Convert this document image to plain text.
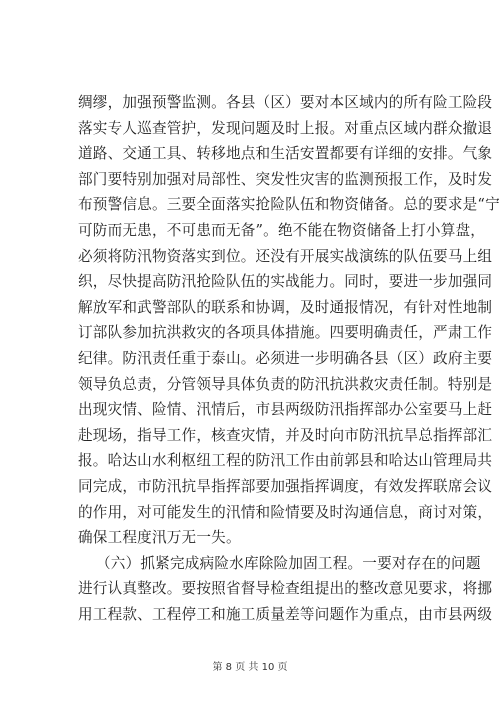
绸缪，加强预警监测。各县（区）要对本区域内的所有险工险段
落实专人巡查管护，发现问题及时上报。对重点区域内群众撤退
道路、交通工具、转移地点和生活安置都要有详细的安排。气象
部门要特别加强对局部性、突发性灾害的监测预报工作，及时发
布预警信息。三要全面落实抢险队伍和物资储备。总的要求是“宁
可防而无患，不可患而无备”。绝不能在物资储备上打小算盘，
必须将防汛物资落实到位。还没有开展实战演练的队伍要马上组
织，尽快提高防汛抢险队伍的实战能力。同时，要进一步加强同
解放军和武警部队的联系和协调，及时通报情况，有针对性地制
订部队参加抗洪救灾的各项具体措施。四要明确责任，严肃工作
纪律。防汛责任重于泰山。必须进一步明确各县（区）政府主要
领导负总责，分管领导具体负责的防汛抗洪救灾责任制。特别是
出现灾情、险情、汛情后，市县两级防汛指挥部办公室要马上赶
赴现场，指导工作，核查灾情，并及时向市防汛抗旱总指挥部汇
报。哈达山水利枢纽工程的防汛工作由前郭县和哈达山管理局共
同完成，市防汛抗旱指挥部要加强指挥调度，有效发挥联席会议
的作用，对可能发生的汛情和险情要及时沟通信息，商讨对策，
确保工程度汛万无一失。
（六）抓紧完成病险水库除险加固工程。一要对存在的问题
进行认真整改。要按照省督导检查组提出的整改意见要求，将挪
用工程款、工程停工和施工质量差等问题作为重点，由市县两级
第 8 页 共 10 页
